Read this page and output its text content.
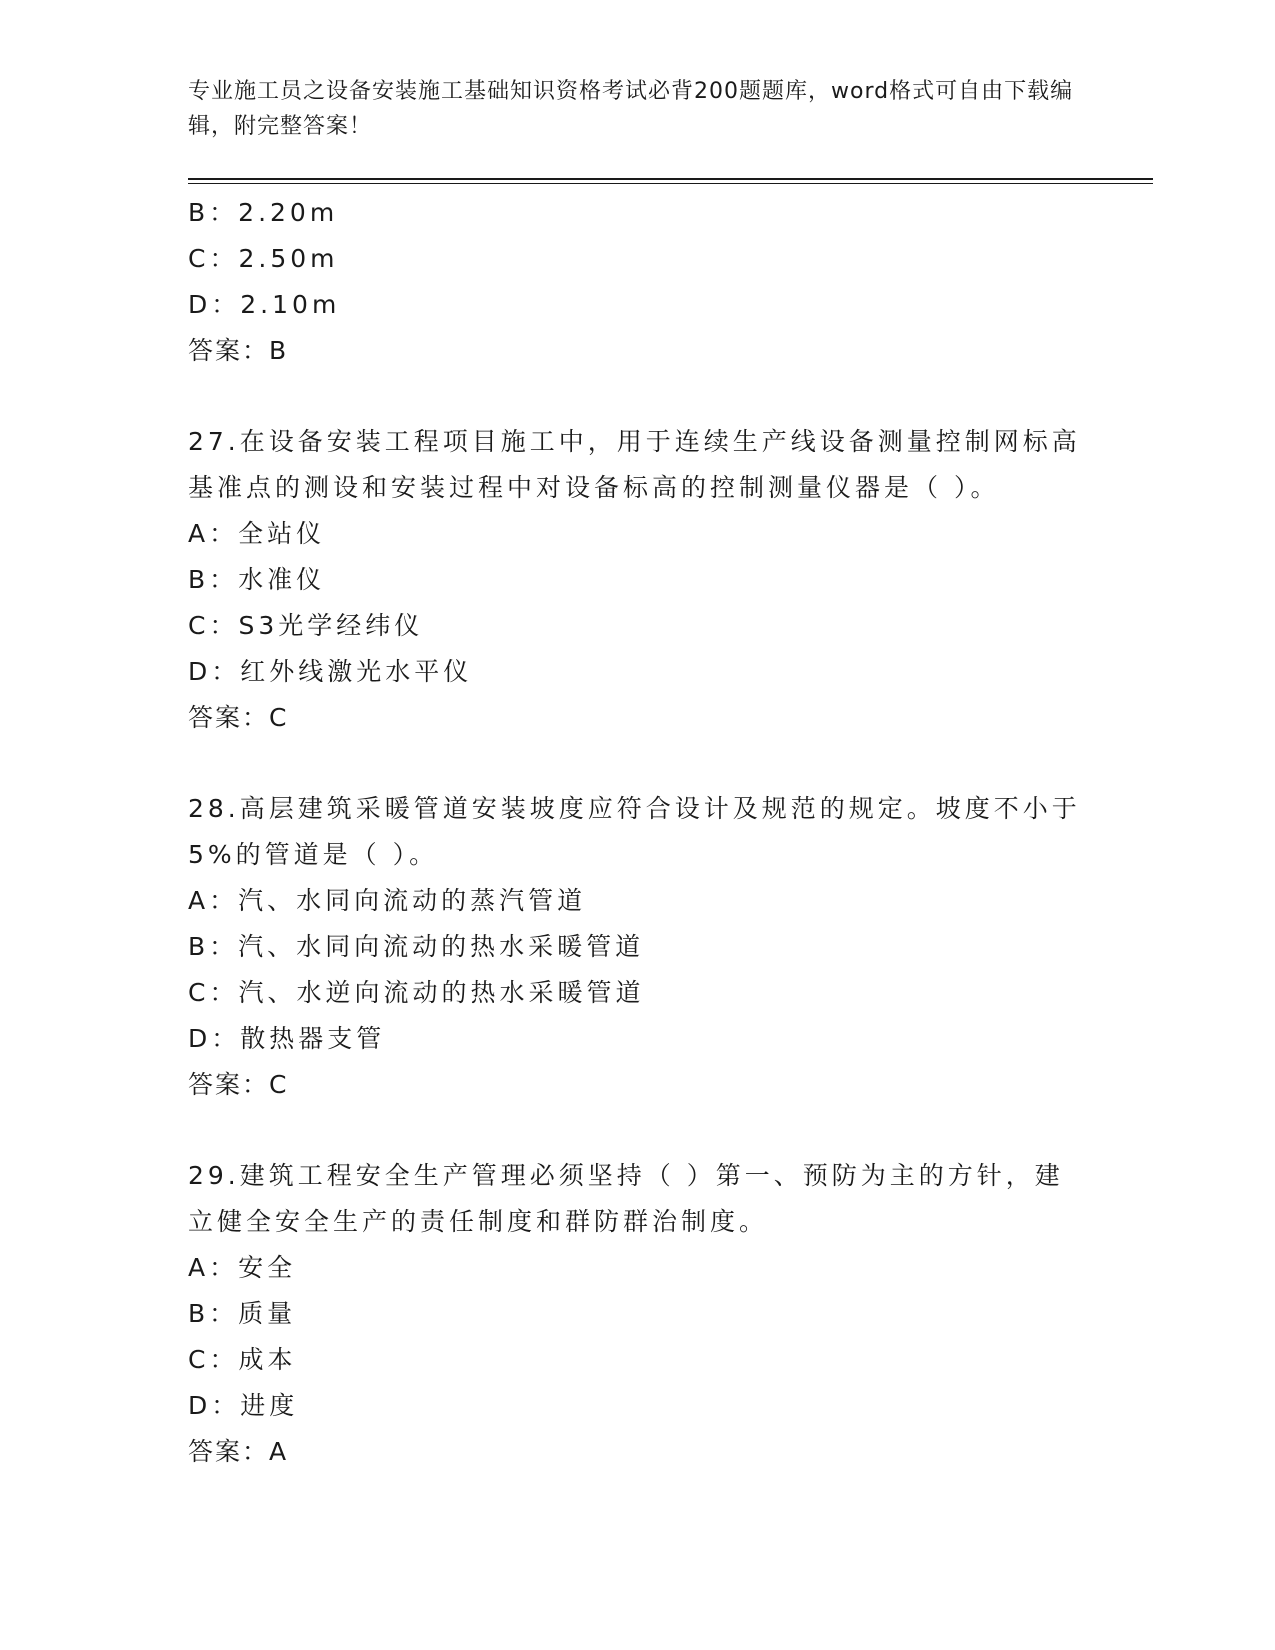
专业施工员之设备安装施工基础知识资格考试必背200题题库，word格式可自由下载编辑，附完整答案！
B：2.20m
C：2.50m
D：2.10m
答案：B
27.在设备安装工程项目施工中，用于连续生产线设备测量控制网标高基准点的测设和安装过程中对设备标高的控制测量仪器是（ ）。
A：全站仪
B：水准仪
C：S3光学经纬仪
D：红外线激光水平仪
答案：C
28.高层建筑采暖管道安装坡度应符合设计及规范的规定。坡度不小于5%的管道是（ ）。
A：汽、水同向流动的蒸汽管道
B：汽、水同向流动的热水采暖管道
C：汽、水逆向流动的热水采暖管道
D：散热器支管
答案：C
29.建筑工程安全生产管理必须坚持（ ）第一、预防为主的方针，建立健全安全生产的责任制度和群防群治制度。
A：安全
B：质量
C：成本
D：进度
答案：A
